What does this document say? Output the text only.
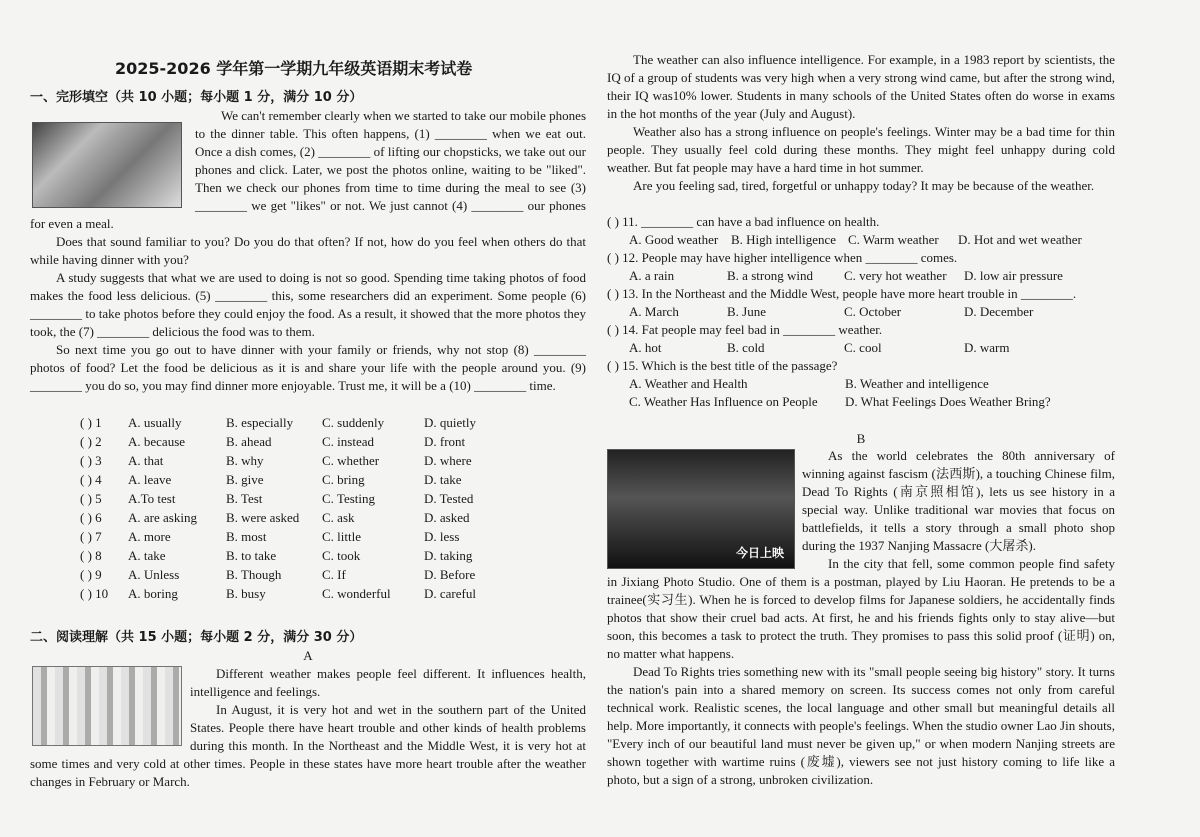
2025-2026 学年第一学期九年级英语期末考试卷
一、完形填空（共 10 小题；每小题 1 分，满分 10 分）

We can't remember clearly when we started to take our mobile phones to the dinner table. This often happens, (1) ________ when we eat out. Once a dish comes, (2) ________ of lifting our chopsticks, we take out our phones and click. Later, we post the photos online, waiting to be "liked". Then we check our phones from time to time during the meal to see (3) ________ we get "likes" or not. We just cannot (4) ________ our phones for even a meal.

Does that sound familiar to you? Do you do that often? If not, how do you feel when others do that while having dinner with you?

A study suggests that what we are used to doing is not so good. Spending time taking photos of food makes the food less delicious. (5) ________ this, some researchers did an experiment. Some people (6) ________ to take photos before they could enjoy the food. As a result, it showed that the more photos they took, the (7) ________ delicious the food was to them.

So next time you go out to have dinner with your family or friends, why not stop (8) ________ photos of food? Let the food be delicious as it is and share your life with the people around you. (9) ________ you do so, you may find dinner more enjoyable. Trust me, it will be a (10) ________ time.

( ) 1 A. usually	B. especially C. suddenly	D. quietly
( ) 2 A. because	B. ahead	C. instead	D. front
( ) 3 A. that	B. why	C. whether	D. where
( ) 4 A. leave	B. give	C. bring	D. take
( ) 5 A.To test	B. Test	C. Testing	D. Tested
( ) 6 A. are asking B. were asked C. ask	D. asked
( ) 7 A. more	B. most	C. little	D. less
( ) 8 A. take	B. to take	C. took	D. taking
( ) 9 A. Unless	B. Though	C. If	D. Before
( ) 10 A. boring	B. busy	C. wonderful	D. careful
二、阅读理解（共 15 小题；每小题 2 分，满分 30 分）
A

Different weather makes people feel different. It influences health, intelligence and feelings.

In August, it is very hot and wet in the southern part of the United States. People there have heart trouble and other kinds of health problems during this month. In the Northeast and the Middle West, it is very hot at some times and very cold at other times. People in these states have more heart trouble after the weather changes in February or March.

The weather can also influence intelligence. For example, in a 1983 report by scientists, the IQ of a group of students was very high when a very strong wind came, but after the strong wind, their IQ was10% lower. Students in many schools of the United States often do worse in exams in the hot months of the year (July and August).

Weather also has a strong influence on people's feelings. Winter may be a bad time for thin people. They usually feel cold during these months. They might feel unhappy during cold weather. But fat people may have a hard time in hot summer.

Are you feeling sad, tired, forgetful or unhappy today? It may be because of the weather.

( ) 11. ________ can have a bad influence on health.
A. Good weather B. High intelligence C. Warm weather D. Hot and wet weather
( ) 12. People may have higher intelligence when ________ comes.
A. a rain	B. a strong wind C. very hot weather D. low air pressure
( ) 13. In the Northeast and the Middle West, people have more heart trouble in ________.
A. March	B. June	C. October	D. December
( ) 14. Fat people may feel bad in ________ weather.
A. hot	B. cold	C. cool	D. warm
( ) 15. Which is the best title of the passage?
A. Weather and Health	B. Weather and intelligence
C. Weather Has Influence on People D. What Feelings Does Weather Bring?
B
今日上映

As the world celebrates the 80th anniversary of winning against fascism (法西斯), a touching Chinese film, Dead To Rights (南京照相馆), lets us see history in a special way. Unlike traditional war movies that focus on battlefields, it tells a story through a small photo shop during the 1937 Nanjing Massacre (大屠杀).

In the city that fell, some common people find safety in Jixiang Photo Studio. One of them is a postman, played by Liu Haoran. He pretends to be a trainee(实习生). When he is forced to develop films for Japanese soldiers, he accidentally finds photos that show their cruel bad acts. At first, he and his friends fights only to stay alive—but soon, this becomes a task to protect the truth. They promises to pass this solid proof (证明) on, no matter what happens.

Dead To Rights tries something new with its "small people seeing big history" story. It turns the nation's pain into a shared memory on screen. Its success comes not only from careful technical work. Realistic scenes, the local language and other small but meaningful details all help. More importantly, it connects with people's feelings. When the studio owner Lao Jin shouts, "Every inch of our beautiful land must never be given up," or when modern Nanjing streets are shown together with wartime ruins (废墟), viewers see not just history coming to life like a photo, but a sign of a strong, unbroken civilization.
